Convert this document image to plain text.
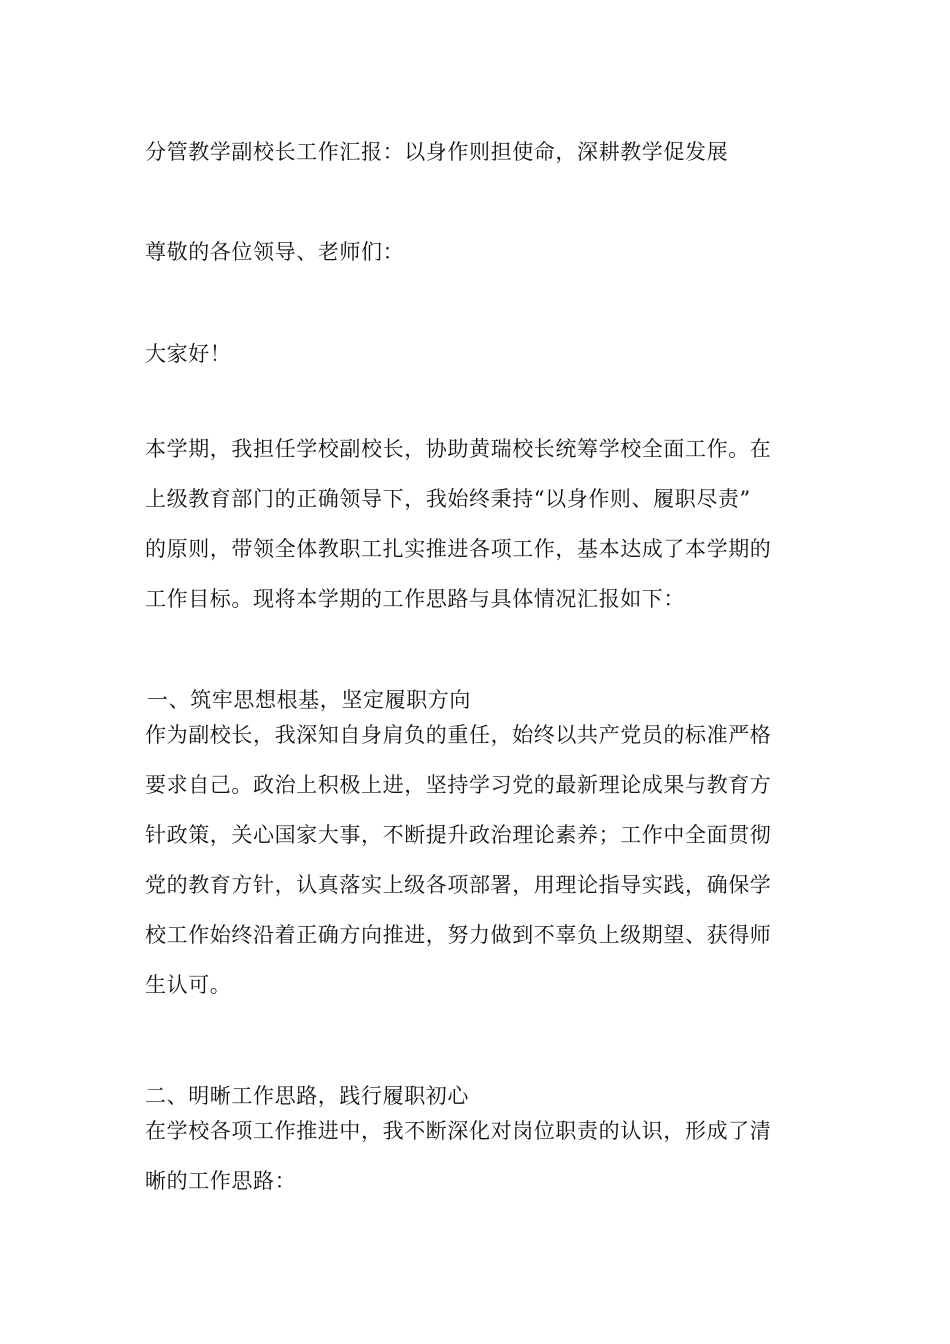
分管教学副校长工作汇报：以身作则担使命，深耕教学促发展

尊敬的各位领导、老师们：

大家好！

本学期，我担任学校副校长，协助黄瑞校长统筹学校全面工作。在
上级教育部门的正确领导下，我始终秉持“以身作则、履职尽责”
的原则，带领全体教职工扎实推进各项工作，基本达成了本学期的
工作目标。现将本学期的工作思路与具体情况汇报如下：

一、筑牢思想根基，坚定履职方向

作为副校长，我深知自身肩负的重任，始终以共产党员的标准严格
要求自己。政治上积极上进，坚持学习党的最新理论成果与教育方
针政策，关心国家大事，不断提升政治理论素养；工作中全面贯彻
党的教育方针，认真落实上级各项部署，用理论指导实践，确保学
校工作始终沿着正确方向推进，努力做到不辜负上级期望、获得师
生认可。

二、明晰工作思路，践行履职初心

在学校各项工作推进中，我不断深化对岗位职责的认识，形成了清
晰的工作思路：
